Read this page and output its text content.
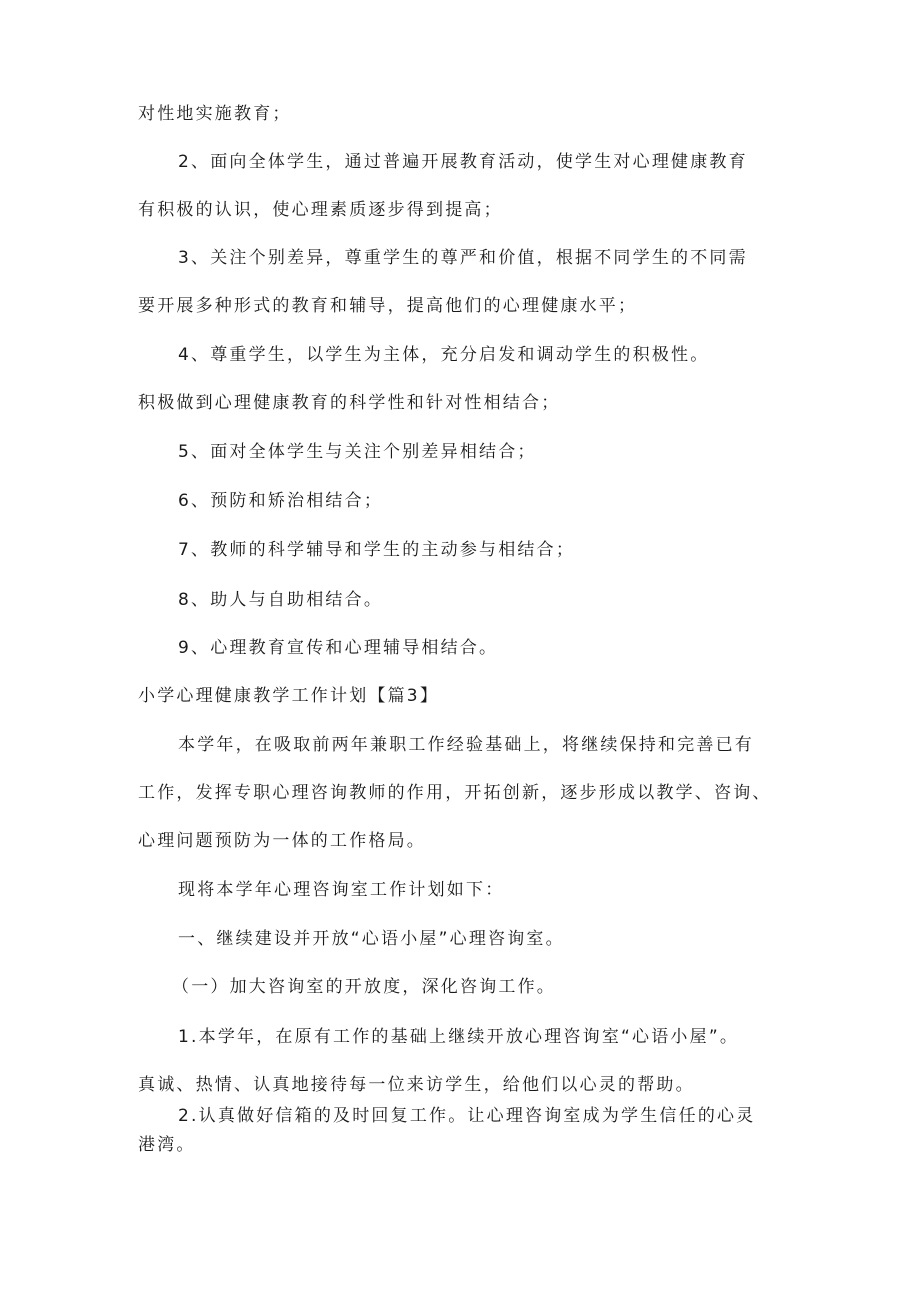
对性地实施教育；
2、面向全体学生，通过普遍开展教育活动，使学生对心理健康教育
有积极的认识，使心理素质逐步得到提高；
3、关注个别差异，尊重学生的尊严和价值，根据不同学生的不同需
要开展多种形式的教育和辅导，提高他们的心理健康水平；
4、尊重学生，以学生为主体，充分启发和调动学生的积极性。
积极做到心理健康教育的科学性和针对性相结合；
5、面对全体学生与关注个别差异相结合；
6、预防和矫治相结合；
7、教师的科学辅导和学生的主动参与相结合；
8、助人与自助相结合。
9、心理教育宣传和心理辅导相结合。
小学心理健康教学工作计划【篇3】
本学年，在吸取前两年兼职工作经验基础上，将继续保持和完善已有
工作，发挥专职心理咨询教师的作用，开拓创新，逐步形成以教学、咨询、
心理问题预防为一体的工作格局。
现将本学年心理咨询室工作计划如下：
一、继续建设并开放“心语小屋”心理咨询室。
（一）加大咨询室的开放度，深化咨询工作。
1.本学年，在原有工作的基础上继续开放心理咨询室“心语小屋”。
真诚、热情、认真地接待每一位来访学生，给他们以心灵的帮助。
2.认真做好信箱的及时回复工作。让心理咨询室成为学生信任的心灵
港湾。
